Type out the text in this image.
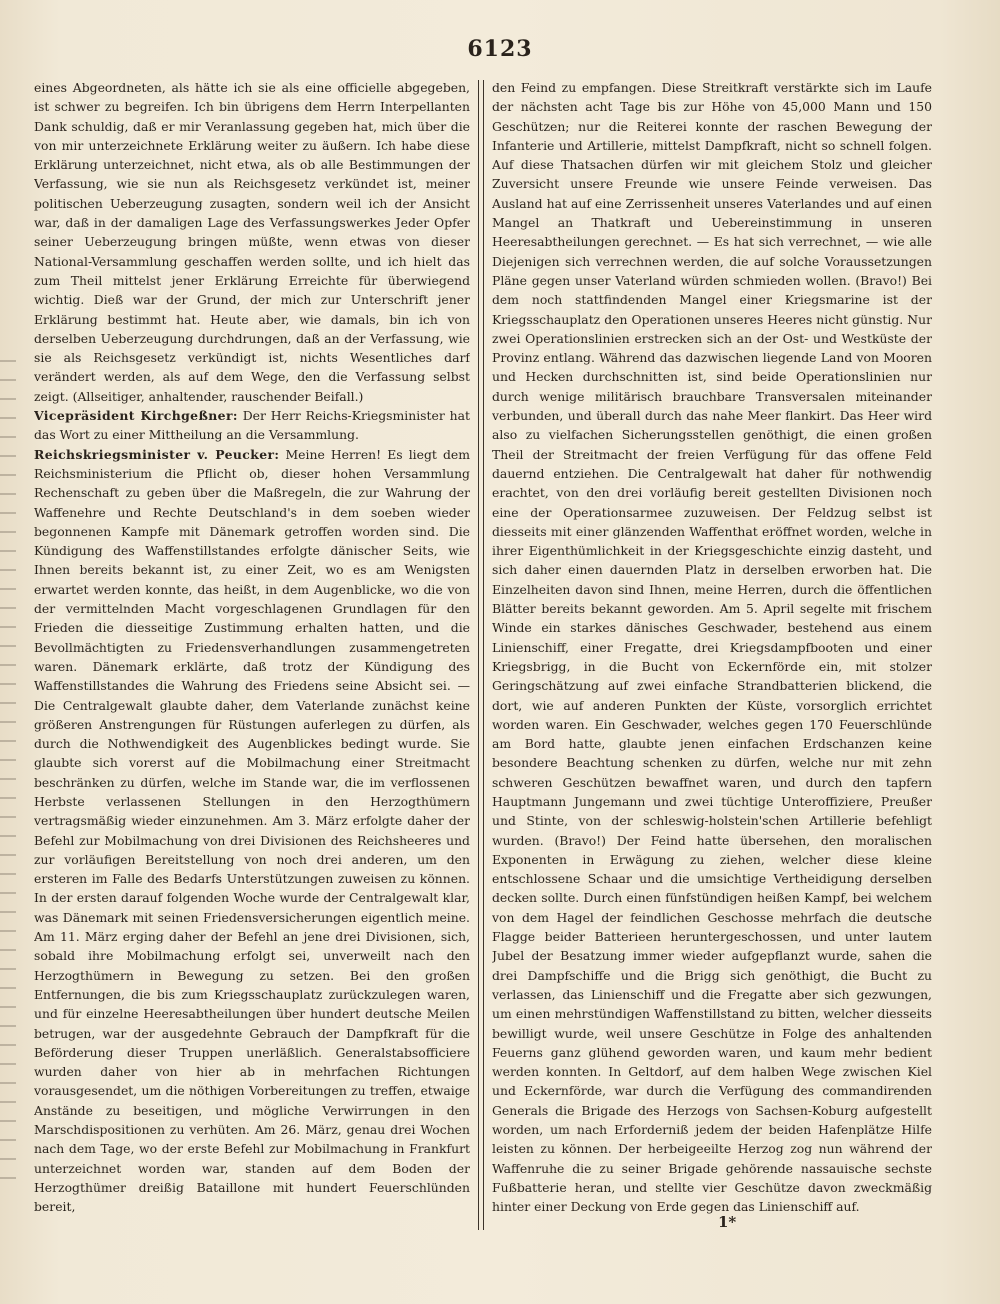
6123

eines Abgeordneten, als hätte ich sie als eine officielle abgegeben, ist schwer zu begreifen. Ich bin übrigens dem Herrn Interpellanten Dank schuldig, daß er mir Veranlassung gegeben hat, mich über die von mir unterzeichnete Erklärung weiter zu äußern. Ich habe diese Erklärung unterzeichnet, nicht etwa, als ob alle Bestimmungen der Verfassung, wie sie nun als Reichsgesetz verkündet ist, meiner politischen Ueberzeugung zusagten, sondern weil ich der Ansicht war, daß in der damaligen Lage des Verfassungswerkes Jeder Opfer seiner Ueberzeugung bringen müßte, wenn etwas von dieser National-Versammlung geschaffen werden sollte, und ich hielt das zum Theil mittelst jener Erklärung Erreichte für überwiegend wichtig. Dieß war der Grund, der mich zur Unterschrift jener Erklärung bestimmt hat. Heute aber, wie damals, bin ich von derselben Ueberzeugung durchdrungen, daß an der Verfassung, wie sie als Reichsgesetz verkündigt ist, nichts Wesentliches darf verändert werden, als auf dem Wege, den die Verfassung selbst zeigt. (Allseitiger, anhaltender, rauschender Beifall.)

Vicepräsident Kirchgeßner: Der Herr Reichs-Kriegsminister hat das Wort zu einer Mittheilung an die Versammlung.

Reichskriegsminister v. Peucker: Meine Herren! Es liegt dem Reichsministerium die Pflicht ob, dieser hohen Versammlung Rechenschaft zu geben über die Maßregeln, die zur Wahrung der Waffenehre und Rechte Deutschland's in dem soeben wieder begonnenen Kampfe mit Dänemark getroffen worden sind. Die Kündigung des Waffenstillstandes erfolgte dänischer Seits, wie Ihnen bereits bekannt ist, zu einer Zeit, wo es am Wenigsten erwartet werden konnte, das heißt, in dem Augenblicke, wo die von der vermittelnden Macht vorgeschlagenen Grundlagen für den Frieden die diesseitige Zustimmung erhalten hatten, und die Bevollmächtigten zu Friedensverhandlungen zusammengetreten waren. Dänemark erklärte, daß trotz der Kündigung des Waffenstillstandes die Wahrung des Friedens seine Absicht sei. — Die Centralgewalt glaubte daher, dem Vaterlande zunächst keine größeren Anstrengungen für Rüstungen auferlegen zu dürfen, als durch die Nothwendigkeit des Augenblickes bedingt wurde. Sie glaubte sich vorerst auf die Mobilmachung einer Streitmacht beschränken zu dürfen, welche im Stande war, die im verflossenen Herbste verlassenen Stellungen in den Herzogthümern vertragsmäßig wieder einzunehmen. Am 3. März erfolgte daher der Befehl zur Mobilmachung von drei Divisionen des Reichsheeres und zur vorläufigen Bereitstellung von noch drei anderen, um den ersteren im Falle des Bedarfs Unterstützungen zuweisen zu können. In der ersten darauf folgenden Woche wurde der Centralgewalt klar, was Dänemark mit seinen Friedensversicherungen eigentlich meine. Am 11. März erging daher der Befehl an jene drei Divisionen, sich, sobald ihre Mobilmachung erfolgt sei, unverweilt nach den Herzogthümern in Bewegung zu setzen. Bei den großen Entfernungen, die bis zum Kriegsschauplatz zurückzulegen waren, und für einzelne Heeresabtheilungen über hundert deutsche Meilen betrugen, war der ausgedehnte Gebrauch der Dampfkraft für die Beförderung dieser Truppen unerläßlich. Generalstabsofficiere wurden daher von hier ab in mehrfachen Richtungen vorausgesendet, um die nöthigen Vorbereitungen zu treffen, etwaige Anstände zu beseitigen, und mögliche Verwirrungen in den Marschdispositionen zu verhüten. Am 26. März, genau drei Wochen nach dem Tage, wo der erste Befehl zur Mobilmachung in Frankfurt unterzeichnet worden war, standen auf dem Boden der Herzogthümer dreißig Bataillone mit hundert Feuerschlünden bereit,

den Feind zu empfangen. Diese Streitkraft verstärkte sich im Laufe der nächsten acht Tage bis zur Höhe von 45,000 Mann und 150 Geschützen; nur die Reiterei konnte der raschen Bewegung der Infanterie und Artillerie, mittelst Dampfkraft, nicht so schnell folgen. Auf diese Thatsachen dürfen wir mit gleichem Stolz und gleicher Zuversicht unsere Freunde wie unsere Feinde verweisen. Das Ausland hat auf eine Zerrissenheit unseres Vaterlandes und auf einen Mangel an Thatkraft und Uebereinstimmung in unseren Heeresabtheilungen gerechnet. — Es hat sich verrechnet, — wie alle Diejenigen sich verrechnen werden, die auf solche Voraussetzungen Pläne gegen unser Vaterland würden schmieden wollen. (Bravo!) Bei dem noch stattfindenden Mangel einer Kriegsmarine ist der Kriegsschauplatz den Operationen unseres Heeres nicht günstig. Nur zwei Operationslinien erstrecken sich an der Ost- und Westküste der Provinz entlang. Während das dazwischen liegende Land von Mooren und Hecken durchschnitten ist, sind beide Operationslinien nur durch wenige militärisch brauchbare Transversalen miteinander verbunden, und überall durch das nahe Meer flankirt. Das Heer wird also zu vielfachen Sicherungsstellen genöthigt, die einen großen Theil der Streitmacht der freien Verfügung für das offene Feld dauernd entziehen. Die Centralgewalt hat daher für nothwendig erachtet, von den drei vorläufig bereit gestellten Divisionen noch eine der Operationsarmee zuzuweisen. Der Feldzug selbst ist diesseits mit einer glänzenden Waffenthat eröffnet worden, welche in ihrer Eigenthümlichkeit in der Kriegsgeschichte einzig dasteht, und sich daher einen dauernden Platz in derselben erworben hat. Die Einzelheiten davon sind Ihnen, meine Herren, durch die öffentlichen Blätter bereits bekannt geworden. Am 5. April segelte mit frischem Winde ein starkes dänisches Geschwader, bestehend aus einem Linienschiff, einer Fregatte, drei Kriegsdampfbooten und einer Kriegsbrigg, in die Bucht von Eckernförde ein, mit stolzer Geringschätzung auf zwei einfache Strandbatterien blickend, die dort, wie auf anderen Punkten der Küste, vorsorglich errichtet worden waren. Ein Geschwader, welches gegen 170 Feuerschlünde am Bord hatte, glaubte jenen einfachen Erdschanzen keine besondere Beachtung schenken zu dürfen, welche nur mit zehn schweren Geschützen bewaffnet waren, und durch den tapfern Hauptmann Jungemann und zwei tüchtige Unteroffiziere, Preußer und Stinte, von der schleswig-holstein'schen Artillerie befehligt wurden. (Bravo!) Der Feind hatte übersehen, den moralischen Exponenten in Erwägung zu ziehen, welcher diese kleine entschlossene Schaar und die umsichtige Vertheidigung derselben decken sollte. Durch einen fünfstündigen heißen Kampf, bei welchem von dem Hagel der feindlichen Geschosse mehrfach die deutsche Flagge beider Batterieen heruntergeschossen, und unter lautem Jubel der Besatzung immer wieder aufgepflanzt wurde, sahen die drei Dampfschiffe und die Brigg sich genöthigt, die Bucht zu verlassen, das Linienschiff und die Fregatte aber sich gezwungen, um einen mehrstündigen Waffenstillstand zu bitten, welcher diesseits bewilligt wurde, weil unsere Geschütze in Folge des anhaltenden Feuerns ganz glühend geworden waren, und kaum mehr bedient werden konnten. In Geltdorf, auf dem halben Wege zwischen Kiel und Eckernförde, war durch die Verfügung des commandirenden Generals die Brigade des Herzogs von Sachsen-Koburg aufgestellt worden, um nach Erforderniß jedem der beiden Hafenplätze Hilfe leisten zu können. Der herbeigeeilte Herzog zog nun während der Waffenruhe die zu seiner Brigade gehörende nassauische sechste Fußbatterie heran, und stellte vier Geschütze davon zweckmäßig hinter einer Deckung von Erde gegen das Linienschiff auf.

1*
